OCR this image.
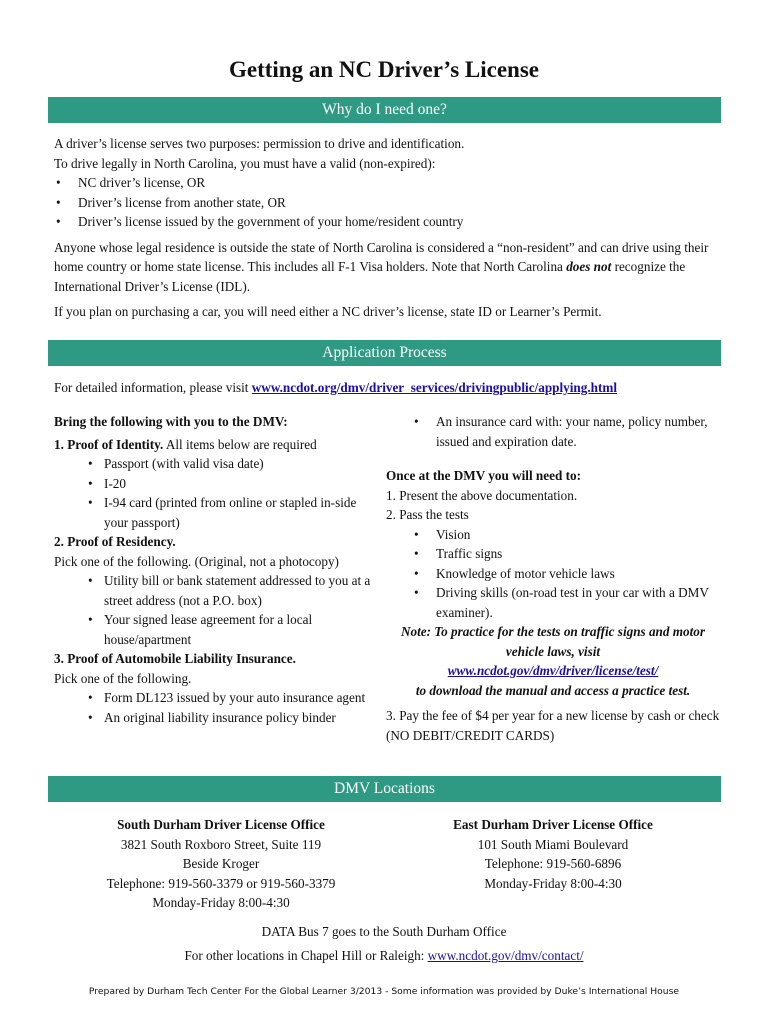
Getting an NC Driver’s License
Why do I need one?

A driver’s license serves two purposes: permission to drive and identification.

To drive legally in North Carolina, you must have a valid (non-expired):

• NC driver’s license, OR
• Driver’s license from another state, OR
• Driver’s license issued by the government of your home/resident country

Anyone whose legal residence is outside the state of North Carolina is considered a “non-resident” and can drive using their home country or home state license. This includes all F-1 Visa holders. Note that North Carolina does not recognize the International Driver’s License (IDL).

If you plan on purchasing a car, you will need either a NC driver’s license, state ID or Learner’s Permit.

Application Process
For detailed information, please visit www.ncdot.org/dmv/driver_services/drivingpublic/applying.html

Bring the following with you to the DMV:

1. Proof of Identity. All items below are required

• Passport (with valid visa date)
• I-20
• I-94 card (printed from online or stapled in-side your passport)

2. Proof of Residency.

Pick one of the following. (Original, not a photocopy)

• Utility bill or bank statement addressed to you at a street address (not a P.O. box)
• Your signed lease agreement for a local house/apartment

3. Proof of Automobile Liability Insurance.

Pick one of the following.

• Form DL123 issued by your auto insurance agent
• An original liability insurance policy binder
• An insurance card with: your name, policy number, issued and expiration date.

Once at the DMV you will need to:

1. Present the above documentation.

2. Pass the tests

• Vision
• Traffic signs
• Knowledge of motor vehicle laws
• Driving skills (on-road test in your car with a DMV examiner).

Note: To practice for the tests on traffic signs and motor vehicle laws, visit

www.ncdot.gov/dmv/driver/license/test/

to download the manual and access a practice test.

3. Pay the fee of $4 per year for a new license by cash or check (NO DEBIT/CREDIT CARDS)

DMV Locations

South Durham Driver License Office

3821 South Roxboro Street, Suite 119

Beside Kroger

Telephone: 919-560-3379 or 919-560-3379

Monday-Friday 8:00-4:30

East Durham Driver License Office

101 South Miami Boulevard

Telephone: 919-560-6896

Monday-Friday 8:00-4:30

DATA Bus 7 goes to the South Durham Office
For other locations in Chapel Hill or Raleigh: www.ncdot.gov/dmv/contact/
Prepared by Durham Tech Center For the Global Learner 3/2013 - Some information was provided by Duke’s International House
